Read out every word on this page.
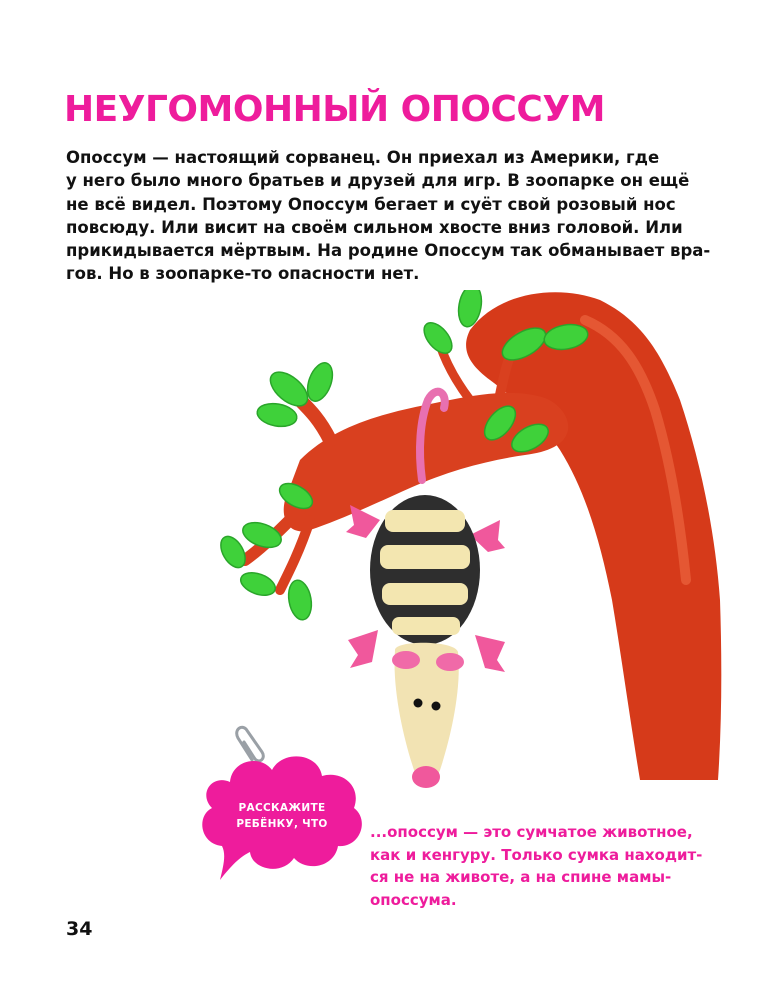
НЕУГОМОННЫЙ ОПОССУМ

Опоссум — настоящий сорванец. Он приехал из Америки, где
у него было много братьев и друзей для игр. В зоопарке он ещё
не всё видел. Поэтому Опоссум бегает и суёт свой розовый нос
повсюду. Или висит на своём сильном хвосте вниз головой. Или
прикидывается мёртвым. На родине Опоссум так обманывает вра-
гов. Но в зоопарке-то опасности нет.

РАССКАЖИТЕ
РЕБЁНКУ, ЧТО	...опоссум — это сумчатое животное,
как и кенгуру. Только сумка находит-
ся не на животе, а на спине мамы-
опоссума.
34
